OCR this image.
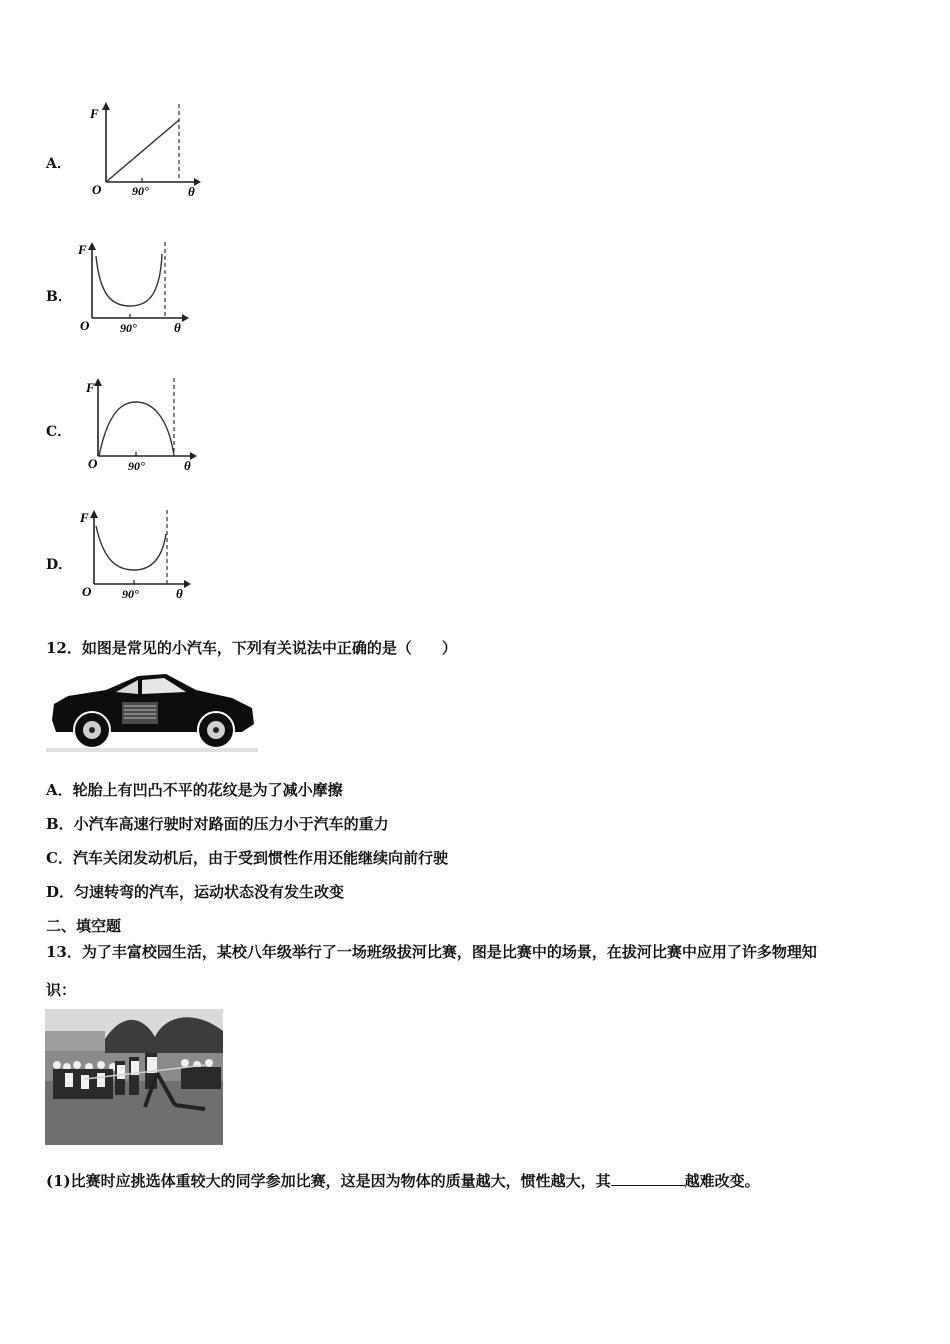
A．
F
O	90°	θ
B．
F
O	90°	θ
C．
F
O	90°	θ
D．
F
O	90°	θ
12．如图是常见的小汽车，下列有关说法中正确的是（　　）
A．轮胎上有凹凸不平的花纹是为了减小摩擦
B．小汽车高速行驶时对路面的压力小于汽车的重力
C．汽车关闭发动机后，由于受到惯性作用还能继续向前行驶
D．匀速转弯的汽车，运动状态没有发生改变
二、填空题
13．为了丰富校园生活，某校八年级举行了一场班级拔河比赛，图是比赛中的场景，在拔河比赛中应用了许多物理知
识：
(1)比赛时应挑选体重较大的同学参加比赛，这是因为物体的质量越大，惯性越大，其	越难改变。
